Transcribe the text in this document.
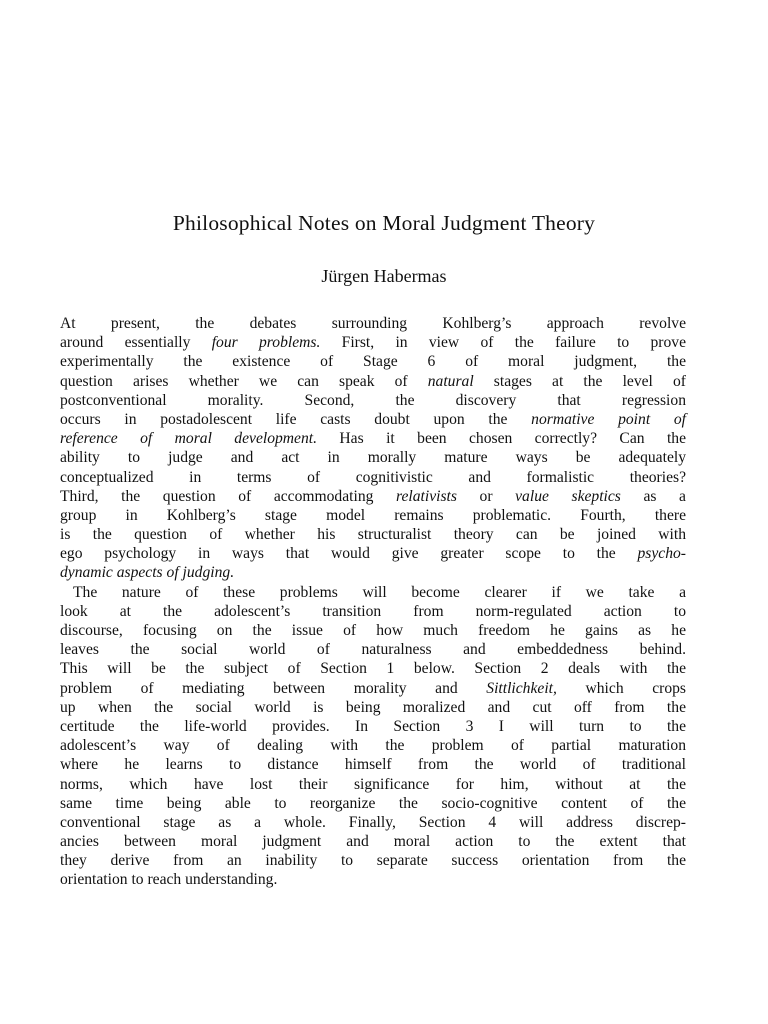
Philosophical Notes on Moral Judgment Theory
Jürgen Habermas
At present, the debates surrounding Kohlberg’s approach revolve
around essentially four problems. First, in view of the failure to prove
experimentally the existence of Stage 6 of moral judgment, the
question arises whether we can speak of natural stages at the level of
postconventional morality. Second, the discovery that regression
occurs in postadolescent life casts doubt upon the normative point of
reference of moral development. Has it been chosen correctly? Can the
ability to judge and act in morally mature ways be adequately
conceptualized in terms of cognitivistic and formalistic theories?
Third, the question of accommodating relativists or value skeptics as a
group in Kohlberg’s stage model remains problematic. Fourth, there
is the question of whether his structuralist theory can be joined with
ego psychology in ways that would give greater scope to the psycho-
dynamic aspects of judging.
The nature of these problems will become clearer if we take a
look at the adolescent’s transition from norm-regulated action to
discourse, focusing on the issue of how much freedom he gains as he
leaves the social world of naturalness and embeddedness behind.
This will be the subject of Section 1 below. Section 2 deals with the
problem of mediating between morality and Sittlichkeit, which crops
up when the social world is being moralized and cut off from the
certitude the life-world provides. In Section 3 I will turn to the
adolescent’s way of dealing with the problem of partial maturation
where he learns to distance himself from the world of traditional
norms, which have lost their significance for him, without at the
same time being able to reorganize the socio-cognitive content of the
conventional stage as a whole. Finally, Section 4 will address discrep-
ancies between moral judgment and moral action to the extent that
they derive from an inability to separate success orientation from the
orientation to reach understanding.
